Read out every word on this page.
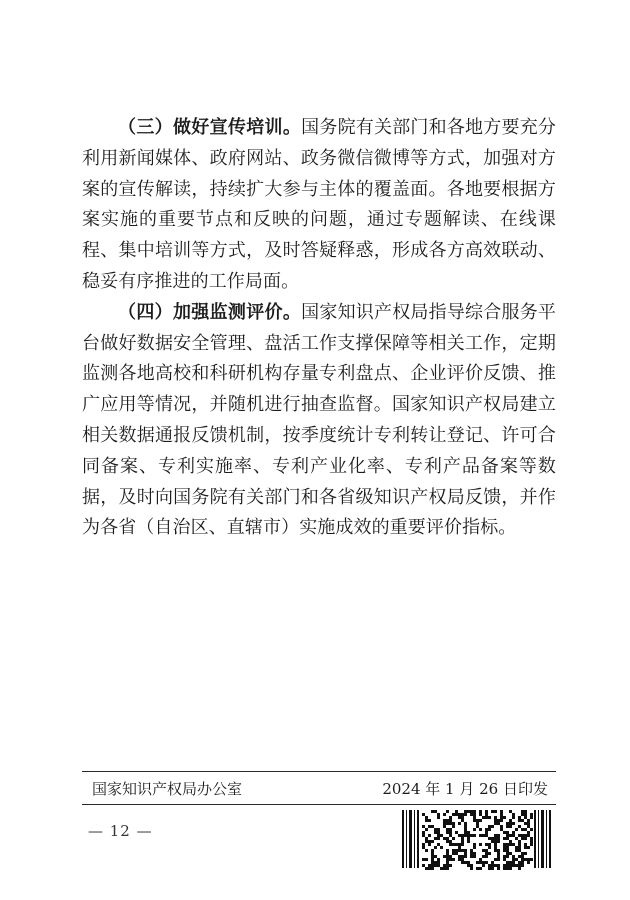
（三）做好宣传培训。国务院有关部门和各地方要充分利用新闻媒体、政府网站、政务微信微博等方式，加强对方案的宣传解读，持续扩大参与主体的覆盖面。各地要根据方案实施的重要节点和反映的问题，通过专题解读、在线课程、集中培训等方式，及时答疑释惑，形成各方高效联动、稳妥有序推进的工作局面。

（四）加强监测评价。国家知识产权局指导综合服务平台做好数据安全管理、盘活工作支撑保障等相关工作，定期监测各地高校和科研机构存量专利盘点、企业评价反馈、推广应用等情况，并随机进行抽查监督。国家知识产权局建立相关数据通报反馈机制，按季度统计专利转让登记、许可合同备案、专利实施率、专利产业化率、专利产品备案等数据，及时向国务院有关部门和各省级知识产权局反馈，并作为各省（自治区、直辖市）实施成效的重要评价指标。

国家知识产权局办公室	2024 年 1 月 26 日印发
— 12 —
